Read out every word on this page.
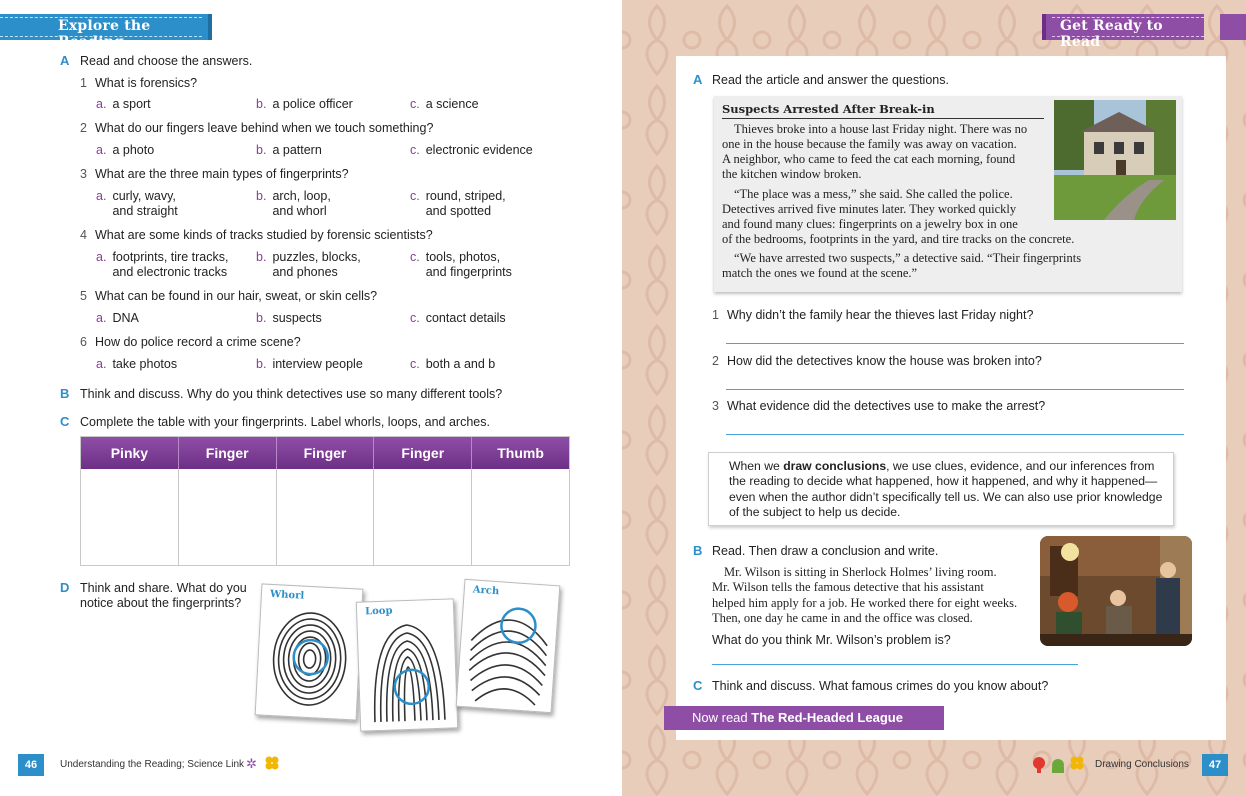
Explore the Reading
A Read and choose the answers.
1 What is forensics?
a. a sport	b. a police officer	c. a science
2 What do our fingers leave behind when we touch something?
a. a photo	b. a pattern	c. electronic evidence
3 What are the three main types of fingerprints?
a. curly, wavy,
and straight
b. arch, loop,
and whorl
c. round, striped,
and spotted
4 What are some kinds of tracks studied by forensic scientists?
a. footprints, tire tracks,
and electronic tracks
b. puzzles, blocks,
and phones
c. tools, photos,
and fingerprints
5 What can be found in our hair, sweat, or skin cells?
a. DNA	b. suspects	c. contact details
6 How do police record a crime scene?
a. take photos	b. interview people	c. both a and b
B Think and discuss. Why do you think detectives use so many different tools?
C Complete the table with your fingerprints. Label whorls, loops, and arches.
Pinky	Finger	Finger	Finger	Thumb
D Think and share. What do you
notice about the fingerprints?
Whorl
Loop
Arch
46	Understanding the Reading; Science Link ✲
Get Ready to Read
A Read the article and answer the questions.
Suspects Arrested After Break-in
Thieves broke into a house last Friday night. There was no
one in the house because the family was away on vacation.
A neighbor, who came to feed the cat each morning, found
the kitchen window broken.
“The place was a mess,” she said. She called the police.
Detectives arrived five minutes later. They worked quickly
and found many clues: fingerprints on a jewelry box in one
of the bedrooms, footprints in the yard, and tire tracks on the concrete.
“We have arrested two suspects,” a detective said. “Their fingerprints
match the ones we found at the scene.”
1 Why didn’t the family hear the thieves last Friday night?
2 How did the detectives know the house was broken into?
3 What evidence did the detectives use to make the arrest?
When we draw conclusions, we use clues, evidence, and our inferences from the reading to decide what happened, how it happened, and why it happened—even when the author didn’t specifically tell us. We can also use prior knowledge of the subject to help us decide.
B Read. Then draw a conclusion and write.
Mr. Wilson is sitting in Sherlock Holmes’ living room.
Mr. Wilson tells the famous detective that his assistant
helped him apply for a job. He worked there for eight weeks.
Then, one day he came in and the office was closed.
What do you think Mr. Wilson’s problem is?
C Think and discuss. What famous crimes do you know about?
Now read The Red-Headed League
Drawing Conclusions	47
